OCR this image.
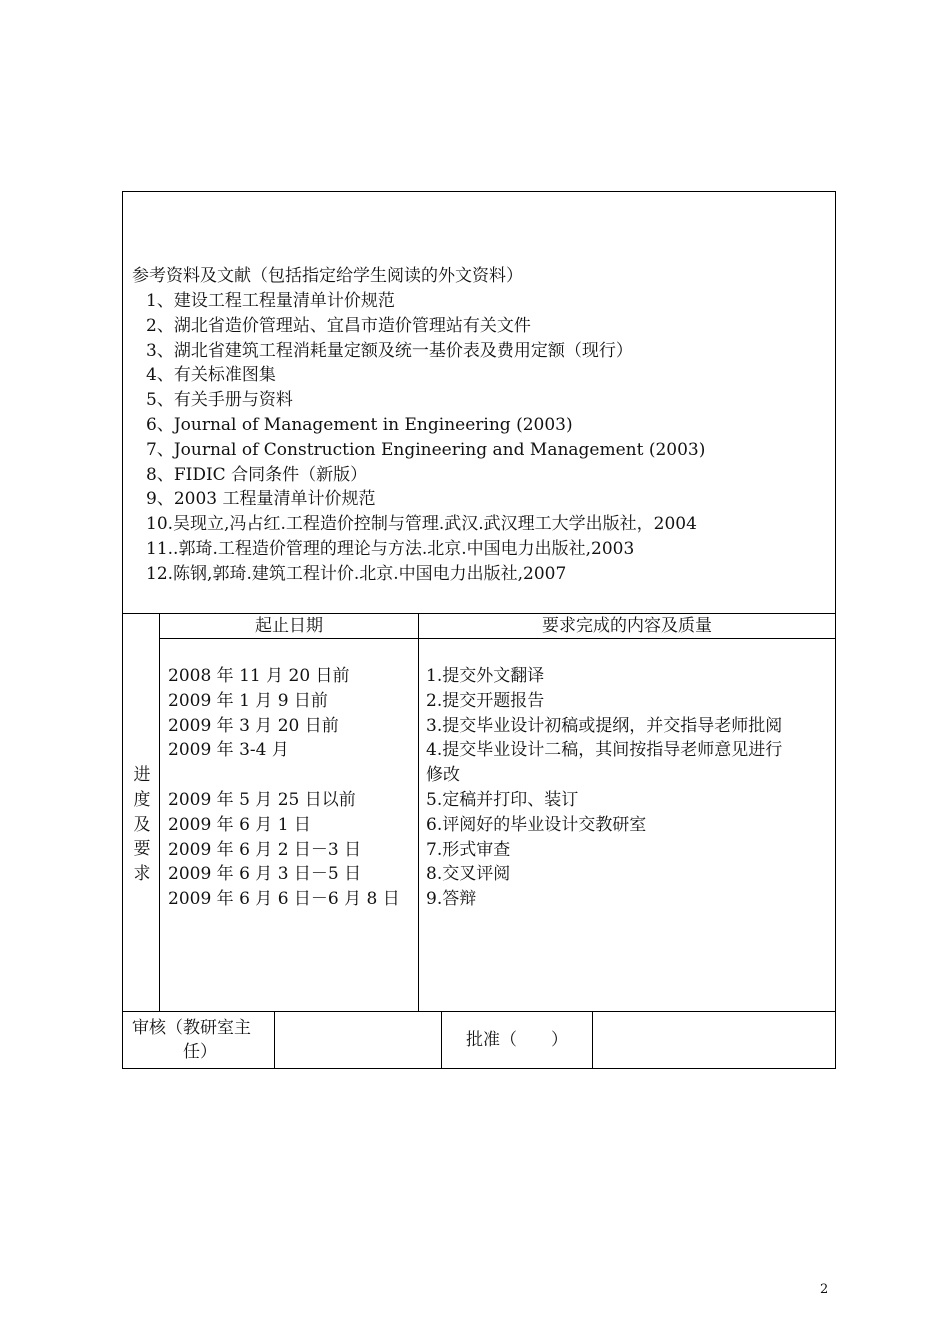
参考资料及文献（包括指定给学生阅读的外文资料）
1、建设工程工程量清单计价规范
2、湖北省造价管理站、宜昌市造价管理站有关文件
3、湖北省建筑工程消耗量定额及统一基价表及费用定额（现行）
4、有关标准图集
5、有关手册与资料
6、Journal of Management in Engineering (2003)
7、Journal of Construction Engineering and Management (2003)
8、FIDIC 合同条件（新版）
9、2003 工程量清单计价规范
10.吴现立,冯占红.工程造价控制与管理.武汉.武汉理工大学出版社，2004
11..郭琦.工程造价管理的理论与方法.北京.中国电力出版社,2003
12.陈钢,郭琦.建筑工程计价.北京.中国电力出版社,2007
起止日期	要求完成的内容及质量
进
度
及
要
求
2008 年 11 月 20 日前
2009 年 1 月 9 日前
2009 年 3 月 20 日前
2009 年 3-4 月

2009 年 5 月 25 日以前
2009 年 6 月 1 日
2009 年 6 月 2 日－3 日
2009 年 6 月 3 日－5 日
2009 年 6 月 6 日－6 月 8 日
1.提交外文翻译
2.提交开题报告
3.提交毕业设计初稿或提纲，并交指导老师批阅
4.提交毕业设计二稿，其间按指导老师意见进行
修改
5.定稿并打印、装订
6.评阅好的毕业设计交教研室
7.形式审查
8.交叉评阅
9.答辩
审核（教研室主
任）
批准（　　）
2
